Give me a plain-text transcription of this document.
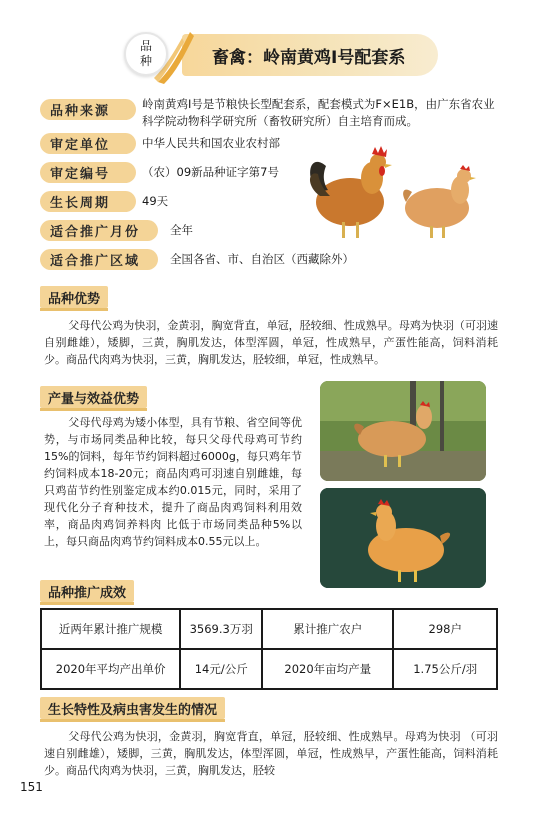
品
种	畜禽：岭南黄鸡I号配套系
品种来源	岭南黄鸡I号是节粮快长型配套系，配套模式为F×E1B，由广东省农业科学院动物科学研究所（畜牧研究所）自主培育而成。
审定单位	中华人民共和国农业农村部
审定编号	（农）09新品种证字第7号
生长周期	49天
适合推广月份	全年
适合推广区域	全国各省、市、自治区（西藏除外）
品种优势
父母代公鸡为快羽，金黄羽，胸宽背直，单冠，胫较细、性成熟早。母鸡为快羽（可羽速自别雌雄），矮脚，三黄，胸肌发达，体型浑圆，单冠，性成熟早，产蛋性能高，饲料消耗少。商品代肉鸡为快羽，三黄，胸肌发达，胫较细，单冠，性成熟早。
产量与效益优势
父母代母鸡为矮小体型，具有节粮、省空间等优势，与市场同类品种比较，每只父母代母鸡可节约15%的饲料，每年节约饲料超过6000g，每只鸡年节约饲料成本18-20元；商品肉鸡可羽速自别雌雄，每只鸡苗节约性别鉴定成本约0.015元，同时，采用了现代化分子育种技术，提升了商品肉鸡饲料利用效率，商品肉鸡饲养料肉 比低于市场同类品种5%以上，每只商品肉鸡节约饲料成本0.55元以上。
品种推广成效
近两年累计推广规模	3569.3万羽	累计推广农户	298户
2020年平均产出单价	14元/公斤	2020年亩均产量	1.75公斤/羽
生长特性及病虫害发生的情况
父母代公鸡为快羽，金黄羽，胸宽背直，单冠，胫较细、性成熟早。母鸡为快羽 （可羽速自别雌雄），矮脚，三黄，胸肌发达，体型浑圆，单冠，性成熟早，产蛋性能高，饲料消耗少。商品代肉鸡为快羽，三黄，胸肌发达，胫较
151
